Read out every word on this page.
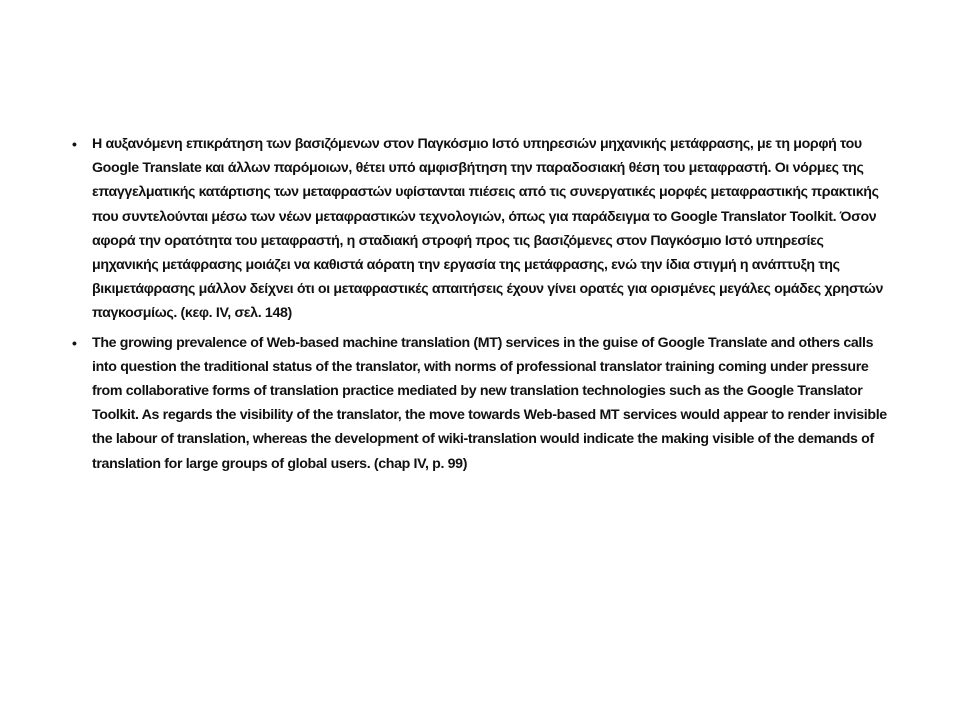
• Η αυξανόμενη επικράτηση των βασιζόμενων στον Παγκόσμιο Ιστό υπηρεσιών μηχανικής μετάφρασης, με τη μορφή του Google Translate και άλλων παρόμοιων, θέτει υπό αμφισβήτηση την παραδοσιακή θέση του μεταφραστή. Οι νόρμες της επαγγελματικής κατάρτισης των μεταφραστών υφίστανται πιέσεις από τις συνεργατικές μορφές μεταφραστικής πρακτικής που συντελούνται μέσω των νέων μεταφραστικών τεχνολογιών, όπως για παράδειγμα το Google Translator Toolkit. Όσον αφορά την ορατότητα του μεταφραστή, η σταδιακή στροφή προς τις βασιζόμενες στον Παγκόσμιο Ιστό υπηρεσίες μηχανικής μετάφρασης μοιάζει να καθιστά αόρατη την εργασία της μετάφρασης, ενώ την ίδια στιγμή η ανάπτυξη της βικιμετάφρασης μάλλον δείχνει ότι οι μεταφραστικές απαιτήσεις έχουν γίνει ορατές για ορισμένες μεγάλες ομάδες χρηστών παγκοσμίως. (κεφ. IV, σελ. 148)
• The growing prevalence of Web-based machine translation (MT) services in the guise of Google Translate and others calls into question the traditional status of the translator, with norms of professional translator training coming under pressure from collaborative forms of translation practice mediated by new translation technologies such as the Google Translator Toolkit. As regards the visibility of the translator, the move towards Web-based MT services would appear to render invisible the labour of translation, whereas the development of wiki-translation would indicate the making visible of the demands of translation for large groups of global users. (chap IV, p. 99)
